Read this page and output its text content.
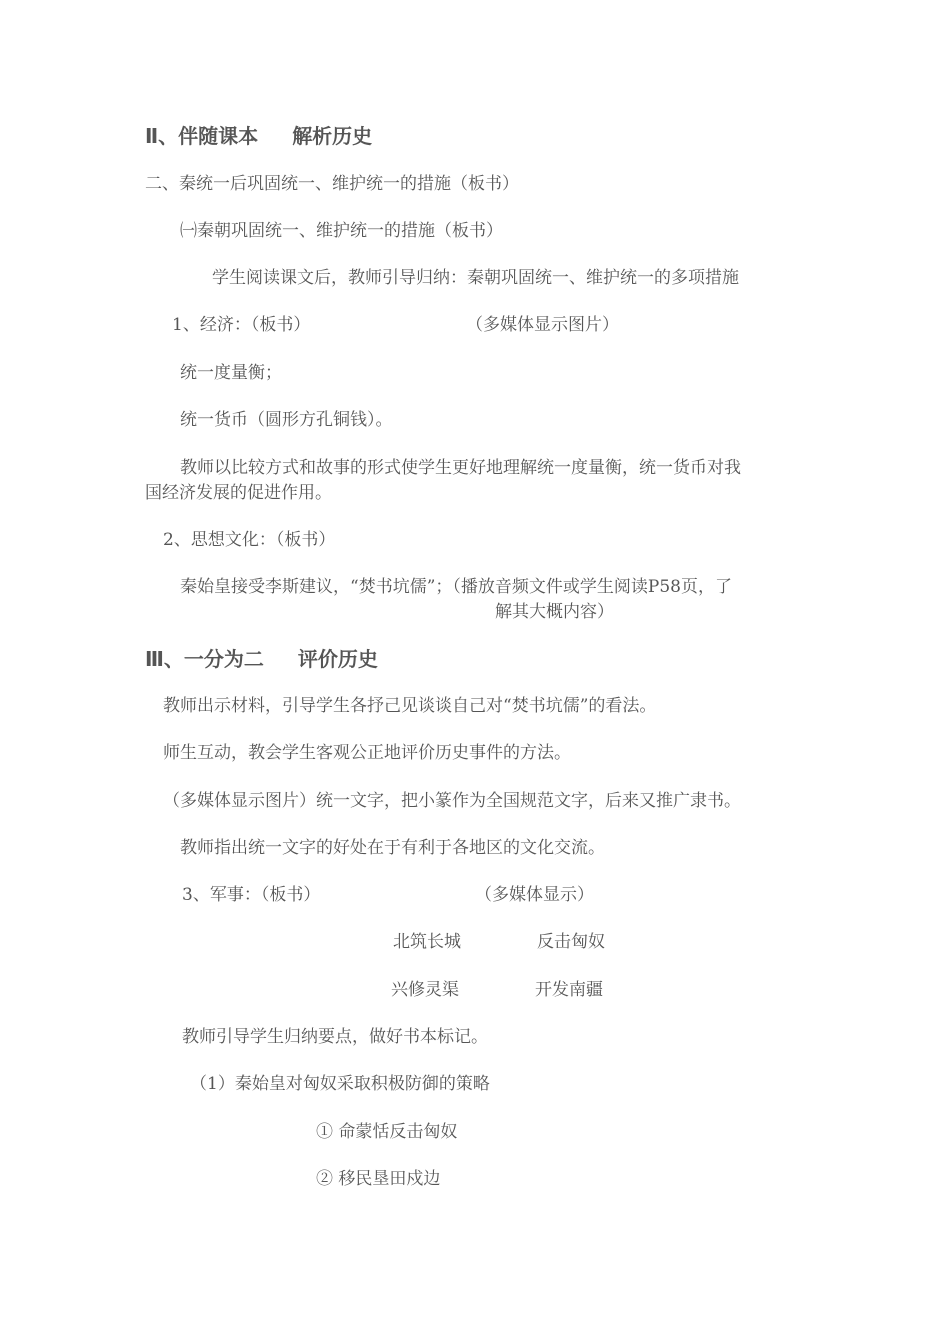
Ⅱ、伴随课本 解析历史
二、秦统一后巩固统一、维护统一的措施（板书）
㈠秦朝巩固统一、维护统一的措施（板书）
学生阅读课文后，教师引导归纳：秦朝巩固统一、维护统一的多项措施
1、经济：（板书）	（多媒体显示图片）
统一度量衡；
统一货币（圆形方孔铜钱）。
教师以比较方式和故事的形式使学生更好地理解统一度量衡，统一货币对我
国经济发展的促进作用。
2、思想文化：（板书）
秦始皇接受李斯建议，“焚书坑儒”；（播放音频文件或学生阅读P58页，了
解其大概内容）
Ⅲ、一分为二 评价历史
教师出示材料，引导学生各抒己见谈谈自己对“焚书坑儒”的看法。
师生互动，教会学生客观公正地评价历史事件的方法。
（多媒体显示图片）统一文字，把小篆作为全国规范文字，后来又推广隶书。
教师指出统一文字的好处在于有利于各地区的文化交流。
3、军事：（板书）	（多媒体显示）
北筑长城	反击匈奴
兴修灵渠	开发南疆
教师引导学生归纳要点，做好书本标记。
（1）秦始皇对匈奴采取积极防御的策略
① 命蒙恬反击匈奴
② 移民垦田戍边
